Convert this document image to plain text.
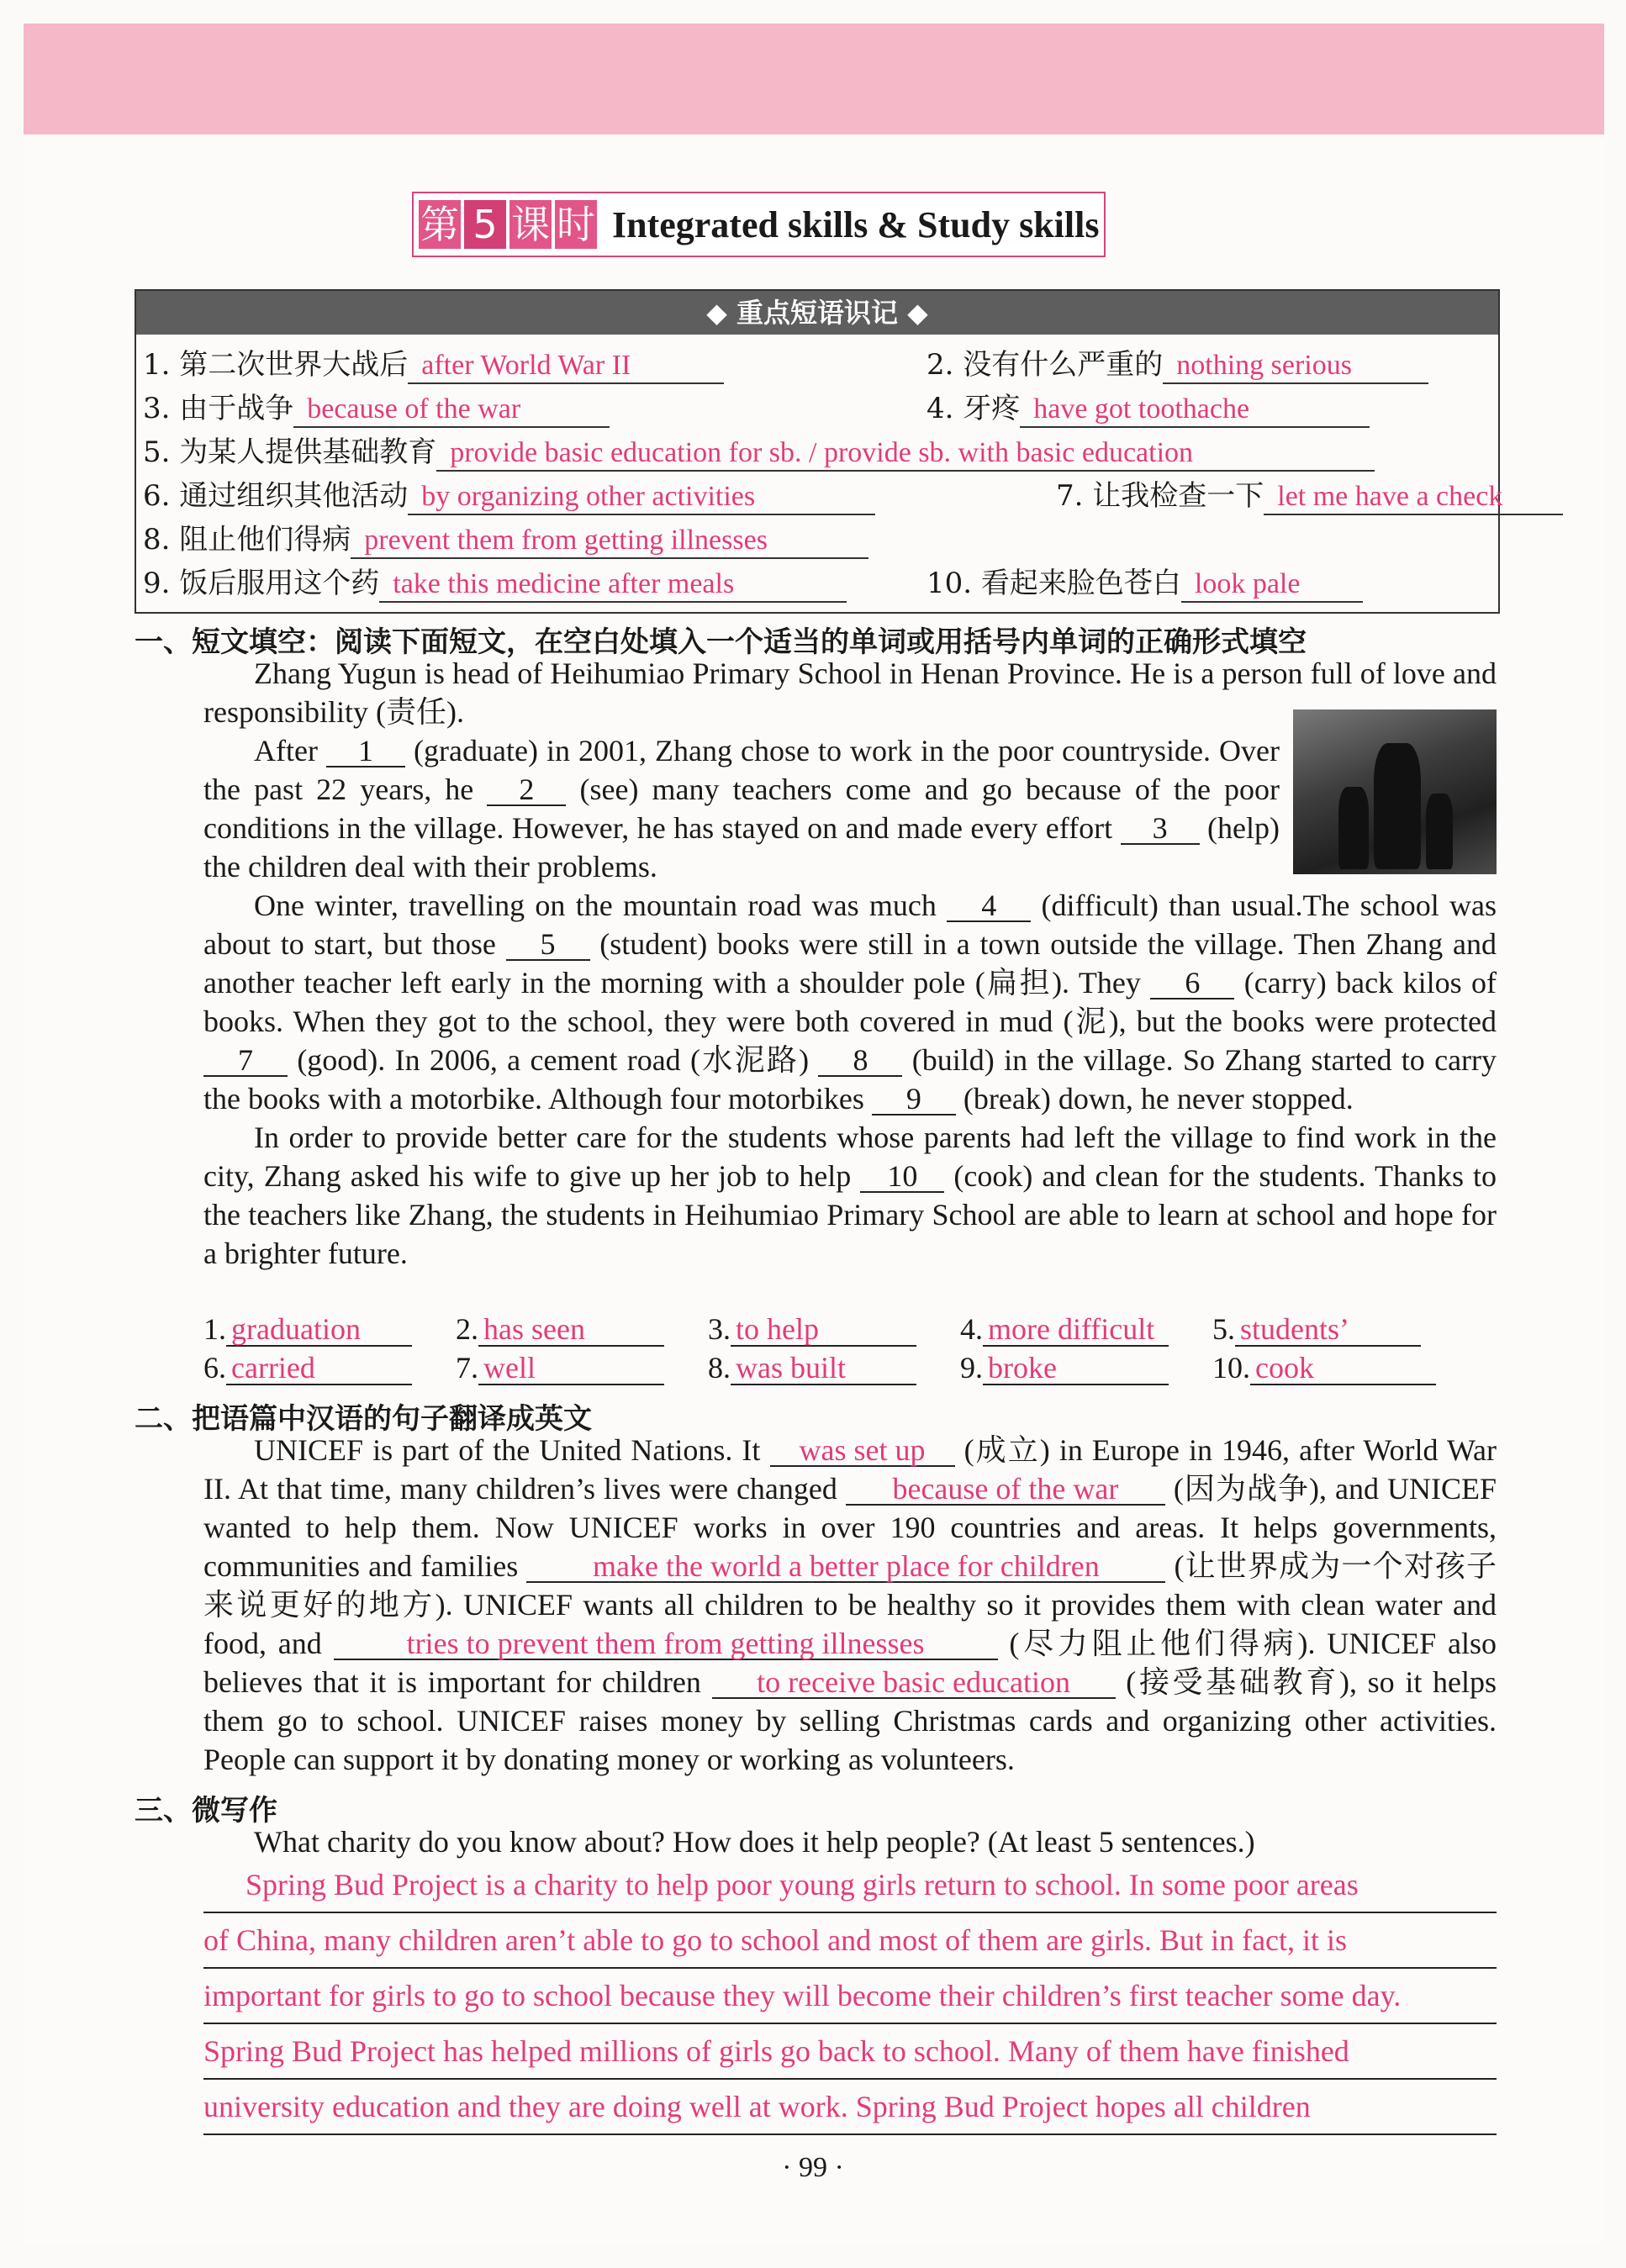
第 5 课 时 Integrated skills & Study skills
◆ 重点短语识记 ◆
1. 第二次世界大战后 after World War II	2. 没有什么严重的 nothing serious
3. 由于战争 because of the war	4. 牙疼 have got toothache
5. 为某人提供基础教育 provide basic education for sb. / provide sb. with basic education
6. 通过组织其他活动 by organizing other activities	7. 让我检查一下 let me have a check
8. 阻止他们得病 prevent them from getting illnesses
9. 饭后服用这个药 take this medicine after meals	10. 看起来脸色苍白 look pale
一、短文填空：阅读下面短文，在空白处填入一个适当的单词或用括号内单词的正确形式填空
Zhang Yugun is head of Heihumiao Primary School in Henan Province. He is a person full of love and responsibility (责任).
After 1 (graduate) in 2001, Zhang chose to work in the poor countryside. Over the past 22 years, he 2 (see) many teachers come and go because of the poor conditions in the village. However, he has stayed on and made every effort 3 (help) the children deal with their problems.
One winter, travelling on the mountain road was much 4 (difficult) than usual.The school was about to start, but those 5 (student) books were still in a town outside the village. Then Zhang and another teacher left early in the morning with a shoulder pole (扁担). They 6 (carry) back kilos of books. When they got to the school, they were both covered in mud (泥), but the books were protected 7 (good). In 2006, a cement road (水泥路) 8 (build) in the village. So Zhang started to carry the books with a motorbike. Although four motorbikes 9 (break) down, he never stopped.
In order to provide better care for the students whose parents had left the village to find work in the city, Zhang asked his wife to give up her job to help 10 (cook) and clean for the students. Thanks to the teachers like Zhang, the students in Heihumiao Primary School are able to learn at school and hope for a brighter future.
1. graduation	2. has seen	3. to help	4. more difficult 5. students’
6. carried	7. well	8. was built	9. broke	10. cook
二、把语篇中汉语的句子翻译成英文
UNICEF is part of the United Nations. It was set up (成立) in Europe in 1946, after World War II. At that time, many children’s lives were changed because of the war (因为战争), and UNICEF wanted to help them. Now UNICEF works in over 190 countries and areas. It helps governments, communities and families make the world a better place for children (让世界成为一个对孩子来说更好的地方). UNICEF wants all children to be healthy so it provides them with clean water and food, and	tries to prevent them from getting illnesses	(尽力阻止他们得病). UNICEF also believes that it is important for children to receive basic education (接受基础教育), so it helps them go to school. UNICEF raises money by selling Christmas cards and organizing other activities. People can support it by donating money or working as volunteers.
三、微写作
What charity do you know about? How does it help people? (At least 5 sentences.)
Spring Bud Project is a charity to help poor young girls return to school. In some poor areas
of China, many children aren’t able to go to school and most of them are girls. But in fact, it is
important for girls to go to school because they will become their children’s first teacher some day.
Spring Bud Project has helped millions of girls go back to school. Many of them have finished
university education and they are doing well at work. Spring Bud Project hopes all children
· 99 ·
